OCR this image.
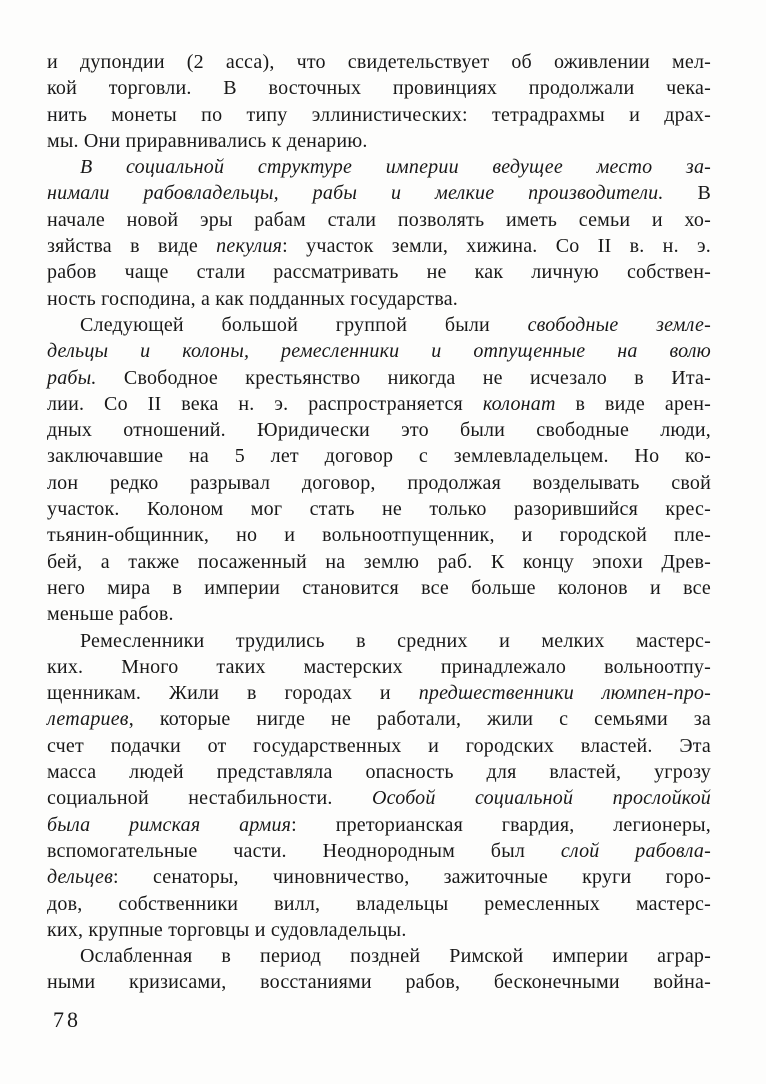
и дупондии (2 асса), что свидетельствует об оживлении мел-
кой торговли. В восточных провинциях продолжали чека-
нить монеты по типу эллинистических: тетрадрахмы и драх-
мы. Они приравнивались к денарию.
В социальной структуре империи ведущее место за-
нимали рабовладельцы, рабы и мелкие производители. В
начале новой эры рабам стали позволять иметь семьи и хо-
зяйства в виде пекулия: участок земли, хижина. Со II в. н. э.
рабов чаще стали рассматривать не как личную собствен-
ность господина, а как подданных государства.
Следующей большой группой были свободные земле-
дельцы и колоны, ремесленники и отпущенные на волю
рабы. Свободное крестьянство никогда не исчезало в Ита-
лии. Со II века н. э. распространяется колонат в виде арен-
дных отношений. Юридически это были свободные люди,
заключавшие на 5 лет договор с землевладельцем. Но ко-
лон редко разрывал договор, продолжая возделывать свой
участок. Колоном мог стать не только разорившийся крес-
тьянин-общинник, но и вольноотпущенник, и городской пле-
бей, а также посаженный на землю раб. К концу эпохи Древ-
него мира в империи становится все больше колонов и все
меньше рабов.
Ремесленники трудились в средних и мелких мастерс-
ких. Много таких мастерских принадлежало вольноотпу-
щенникам. Жили в городах и предшественники люмпен-про-
летариев, которые нигде не работали, жили с семьями за
счет подачки от государственных и городских властей. Эта
масса людей представляла опасность для властей, угрозу
социальной нестабильности. Особой социальной прослойкой
была римская армия: преторианская гвардия, легионеры,
вспомогательные части. Неоднородным был слой рабовла-
дельцев: сенаторы, чиновничество, зажиточные круги горо-
дов, собственники вилл, владельцы ремесленных мастерс-
ких, крупные торговцы и судовладельцы.
Ослабленная в период поздней Римской империи аграр-
ными кризисами, восстаниями рабов, бесконечными война-
78
